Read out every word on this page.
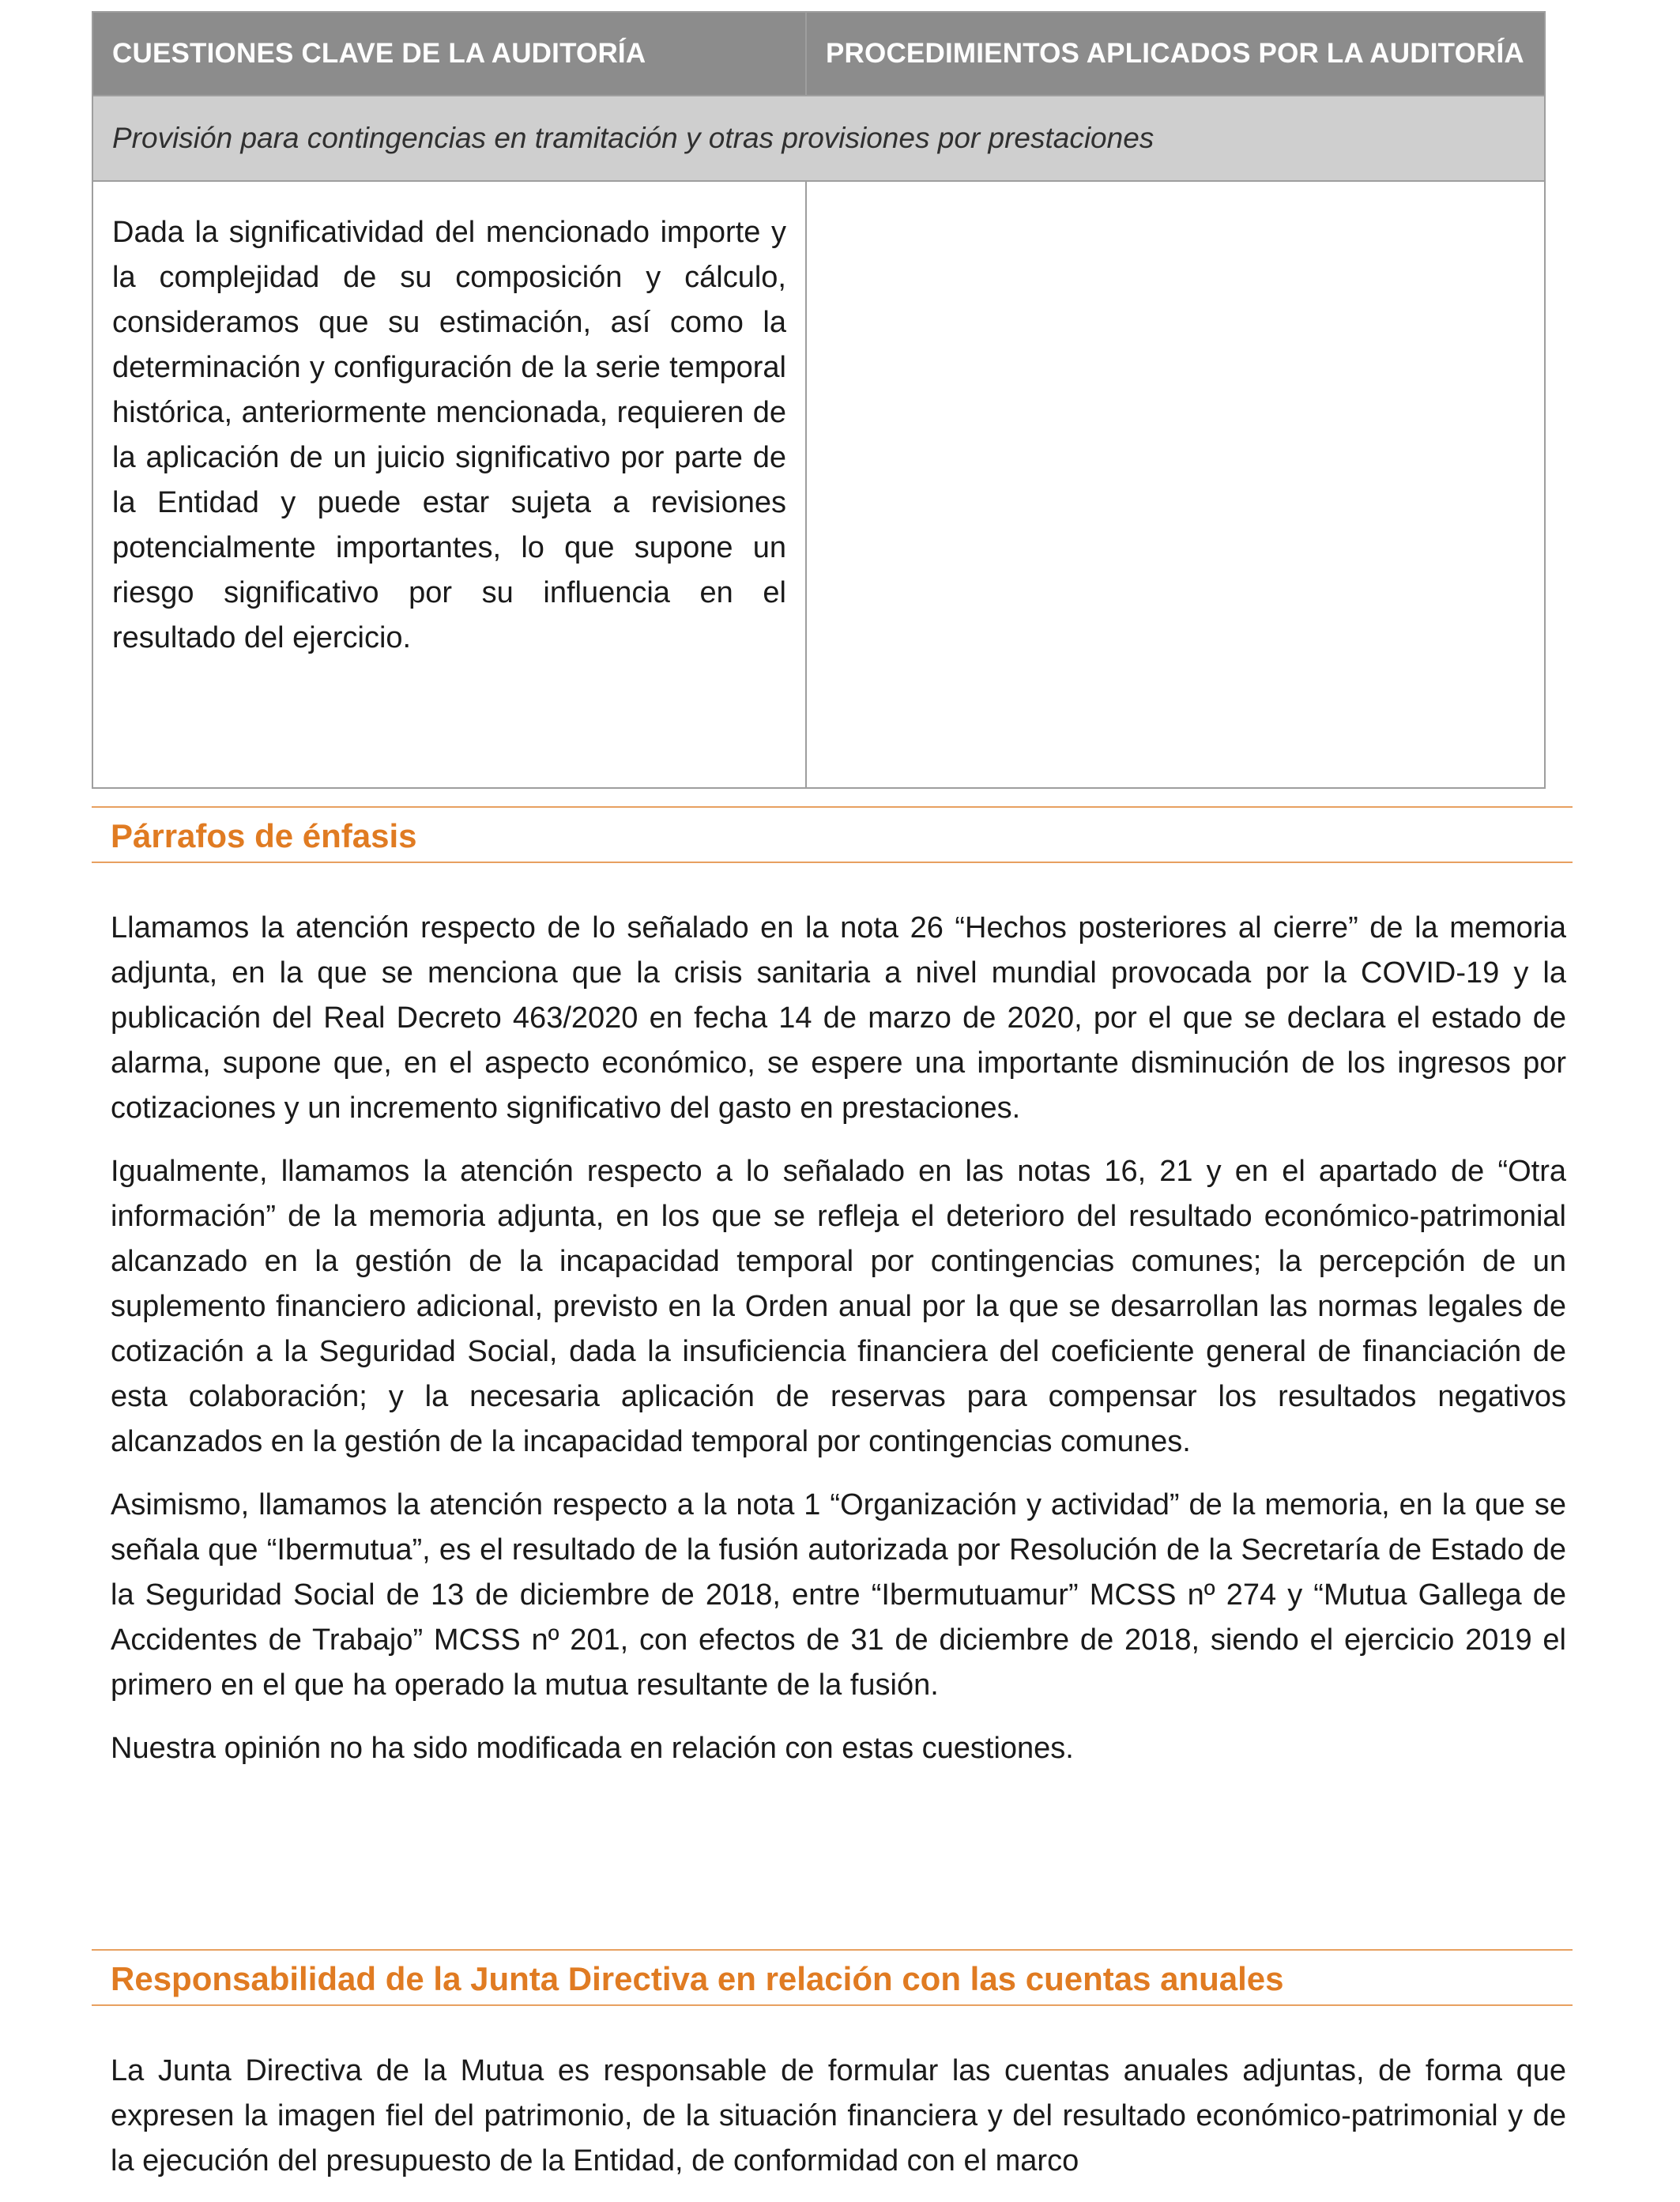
CUESTIONES CLAVE DE LA AUDITORÍA	PROCEDIMIENTOS APLICADOS POR LA AUDITORÍA
Provisión para contingencias en tramitación y otras provisiones por prestaciones	
Dada la significatividad del mencionado importe y la complejidad de su composición y cálculo, consideramos que su estimación, así como la determinación y configuración de la serie temporal histórica, anteriormente mencionada, requieren de la aplicación de un juicio significativo por parte de la Entidad y puede estar sujeta a revisiones potencialmente importantes, lo que supone un riesgo significativo por su influencia en el resultado del ejercicio.	
Párrafos de énfasis

Llamamos la atención respecto de lo señalado en la nota 26 “Hechos posteriores al cierre” de la memoria adjunta, en la que se menciona que la crisis sanitaria a nivel mundial provocada por la COVID-19 y la publicación del Real Decreto 463/2020 en fecha 14 de marzo de 2020, por el que se declara el estado de alarma, supone que, en el aspecto económico, se espere una importante disminución de los ingresos por cotizaciones y un incremento significativo del gasto en prestaciones.

Igualmente, llamamos la atención respecto a lo señalado en las notas 16, 21 y en el apartado de “Otra información” de la memoria adjunta, en los que se refleja el deterioro del resultado económico-patrimonial alcanzado en la gestión de la incapacidad temporal por contingencias comunes; la percepción de un suplemento financiero adicional, previsto en la Orden anual por la que se desarrollan las normas legales de cotización a la Seguridad Social, dada la insuficiencia financiera del coeficiente general de financiación de esta colaboración; y la necesaria aplicación de reservas para compensar los resultados negativos alcanzados en la gestión de la incapacidad temporal por contingencias comunes.

Asimismo, llamamos la atención respecto a la nota 1 “Organización y actividad” de la memoria, en la que se señala que “Ibermutua”, es el resultado de la fusión autorizada por Resolución de la Secretaría de Estado de la Seguridad Social de 13 de diciembre de 2018, entre “Ibermutuamur” MCSS nº 274 y “Mutua Gallega de Accidentes de Trabajo” MCSS nº 201, con efectos de 31 de diciembre de 2018, siendo el ejercicio 2019 el primero en el que ha operado la mutua resultante de la fusión.

Nuestra opinión no ha sido modificada en relación con estas cuestiones.

Responsabilidad de la Junta Directiva en relación con las cuentas anuales

La Junta Directiva de la Mutua es responsable de formular las cuentas anuales adjuntas, de forma que expresen la imagen fiel del patrimonio, de la situación financiera y del resultado económico-patrimonial y de la ejecución del presupuesto de la Entidad, de conformidad con el marco
